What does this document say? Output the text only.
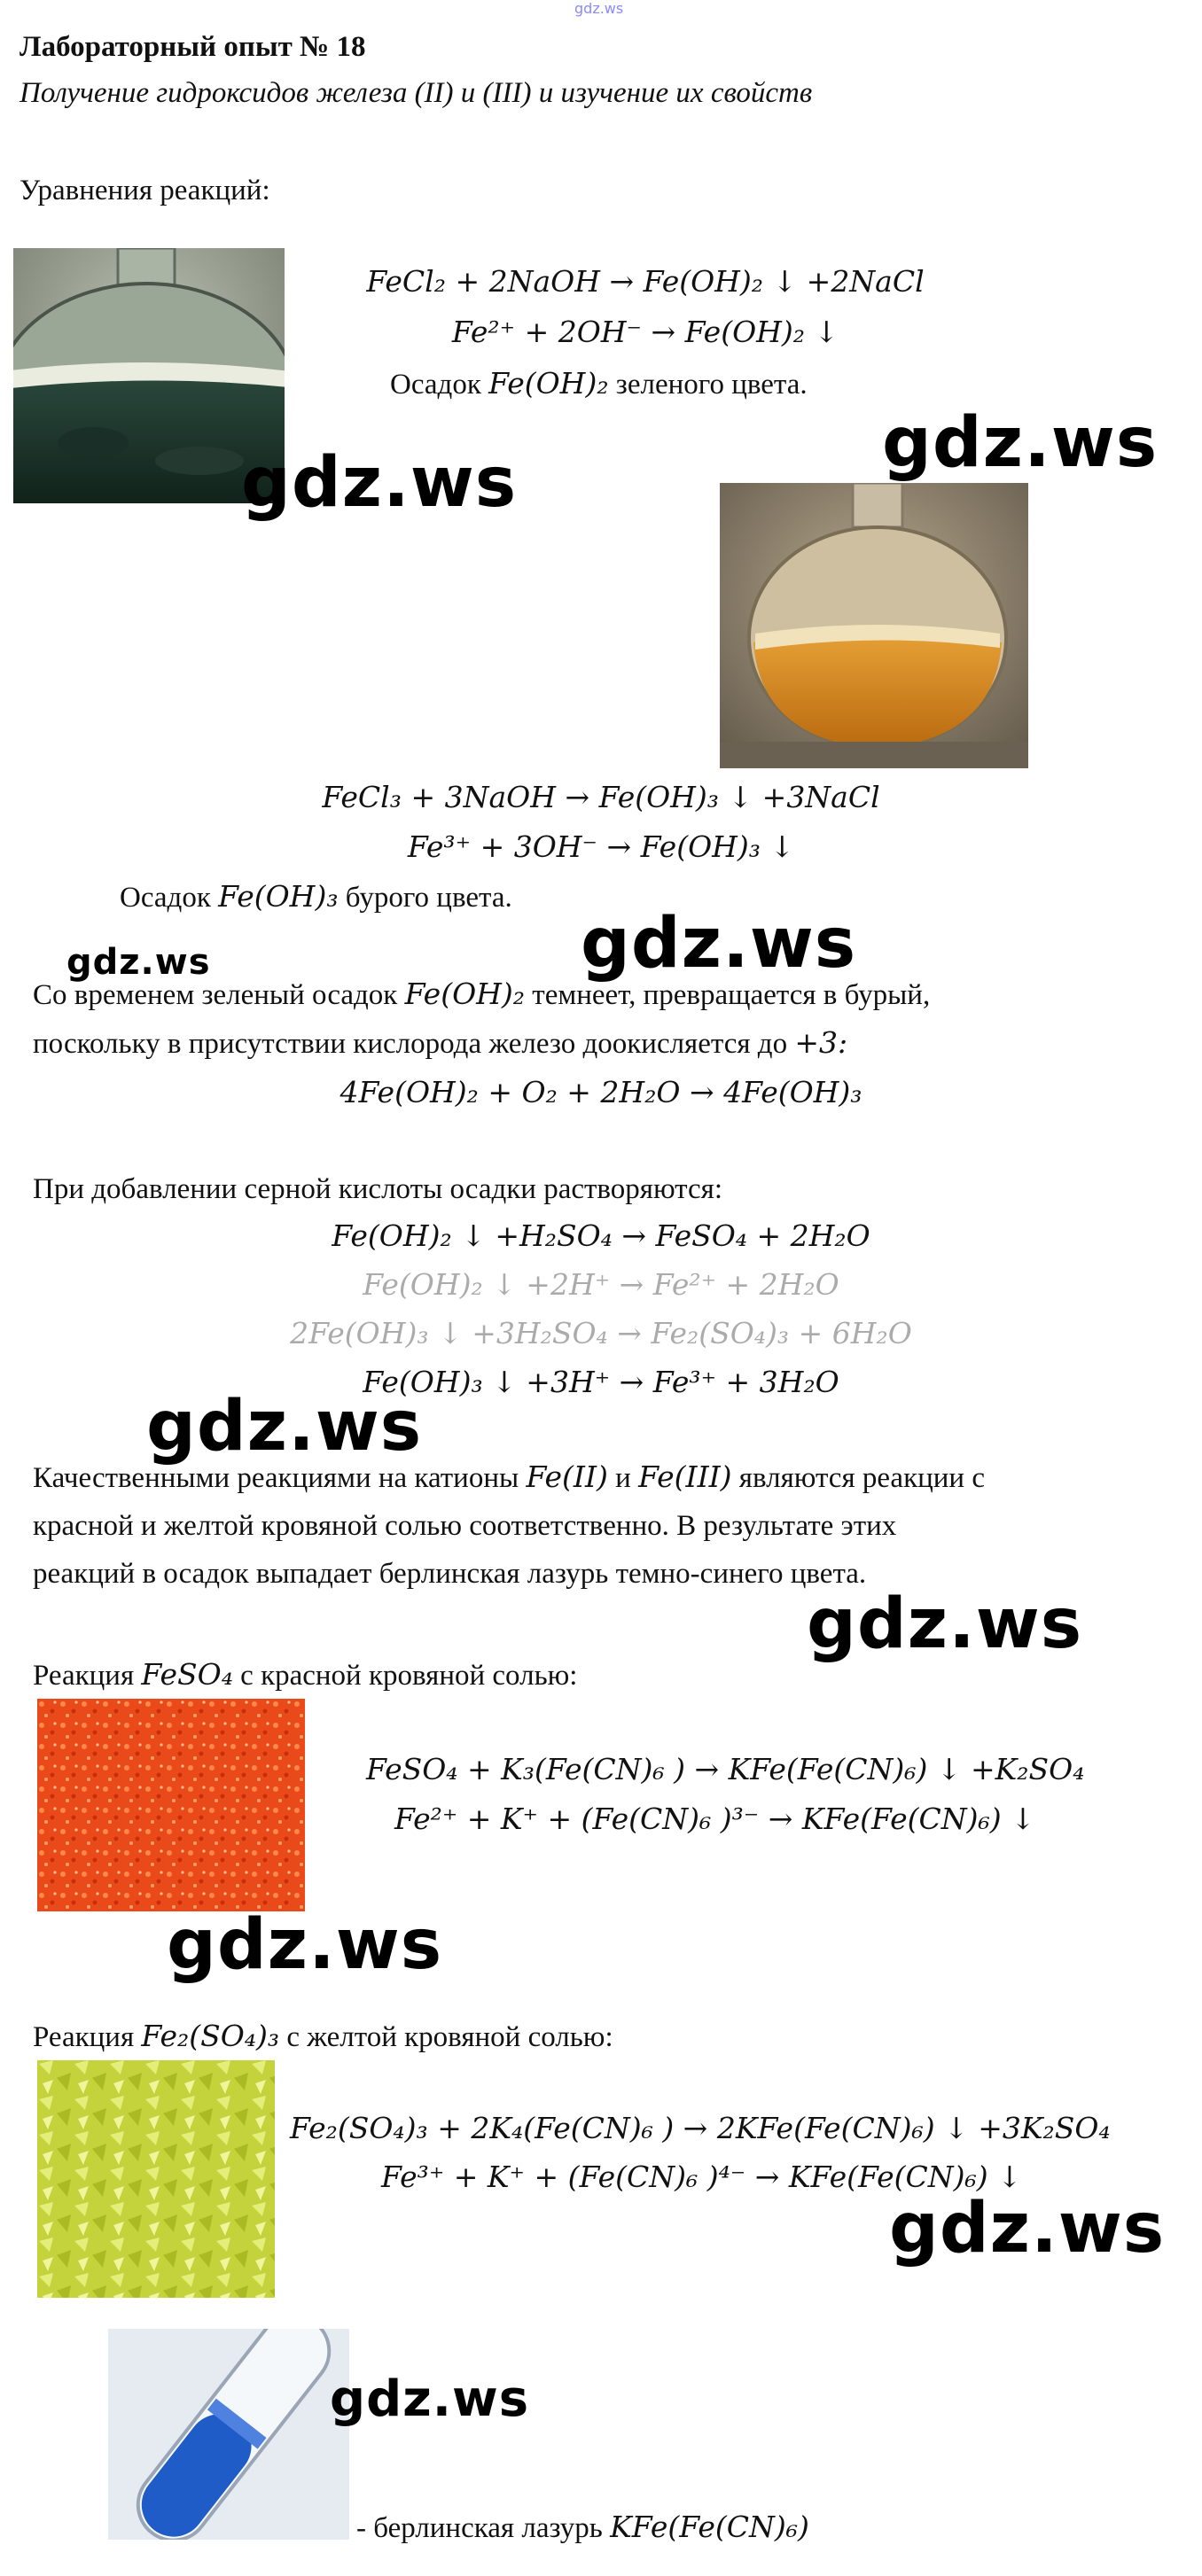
gdz.ws
Лабораторный опыт № 18
Получение гидроксидов железа (II) и (III) и изучение их свойств
Уравнения реакций:
FeCl₂ + 2NaOH → Fe(OH)₂ ↓ +2NaCl
Fe²⁺ + 2OH⁻ → Fe(OH)₂ ↓
Осадок Fe(OH)₂ зеленого цвета.
gdz.ws	gdz.ws
FeCl₃ + 3NaOH → Fe(OH)₃ ↓ +3NaCl
Fe³⁺ + 3OH⁻ → Fe(OH)₃ ↓
Осадок Fe(OH)₃ бурого цвета.
gdz.ws	gdz.ws
Со временем зеленый осадок Fe(OH)₂ темнеет, превращается в бурый,
поскольку в присутствии кислорода железо доокисляется до +3:
4Fe(OH)₂ + O₂ + 2H₂O → 4Fe(OH)₃
При добавлении серной кислоты осадки растворяются:
Fe(OH)₂ ↓ +H₂SO₄ → FeSO₄ + 2H₂O
Fe(OH)₂ ↓ +2H⁺ → Fe²⁺ + 2H₂O
2Fe(OH)₃ ↓ +3H₂SO₄ → Fe₂(SO₄)₃ + 6H₂O
Fe(OH)₃ ↓ +3H⁺ → Fe³⁺ + 3H₂O
gdz.ws
Качественными реакциями на катионы Fe(II) и Fe(III) являются реакции с
красной и желтой кровяной солью соответственно. В результате этих
реакций в осадок выпадает берлинская лазурь темно-синего цвета.
gdz.ws
Реакция FeSO₄ с красной кровяной солью:
FeSO₄ + K₃(Fe(CN)₆ ) → KFe(Fe(CN)₆) ↓ +K₂SO₄
Fe²⁺ + K⁺ + (Fe(CN)₆ )³⁻ → KFe(Fe(CN)₆) ↓
gdz.ws
Реакция Fe₂(SO₄)₃ с желтой кровяной солью:
Fe₂(SO₄)₃ + 2K₄(Fe(CN)₆ ) → 2KFe(Fe(CN)₆) ↓ +3K₂SO₄
Fe³⁺ + K⁺ + (Fe(CN)₆ )⁴⁻ → KFe(Fe(CN)₆) ↓
gdz.ws
gdz.ws
- берлинская лазурь KFe(Fe(CN)₆)
